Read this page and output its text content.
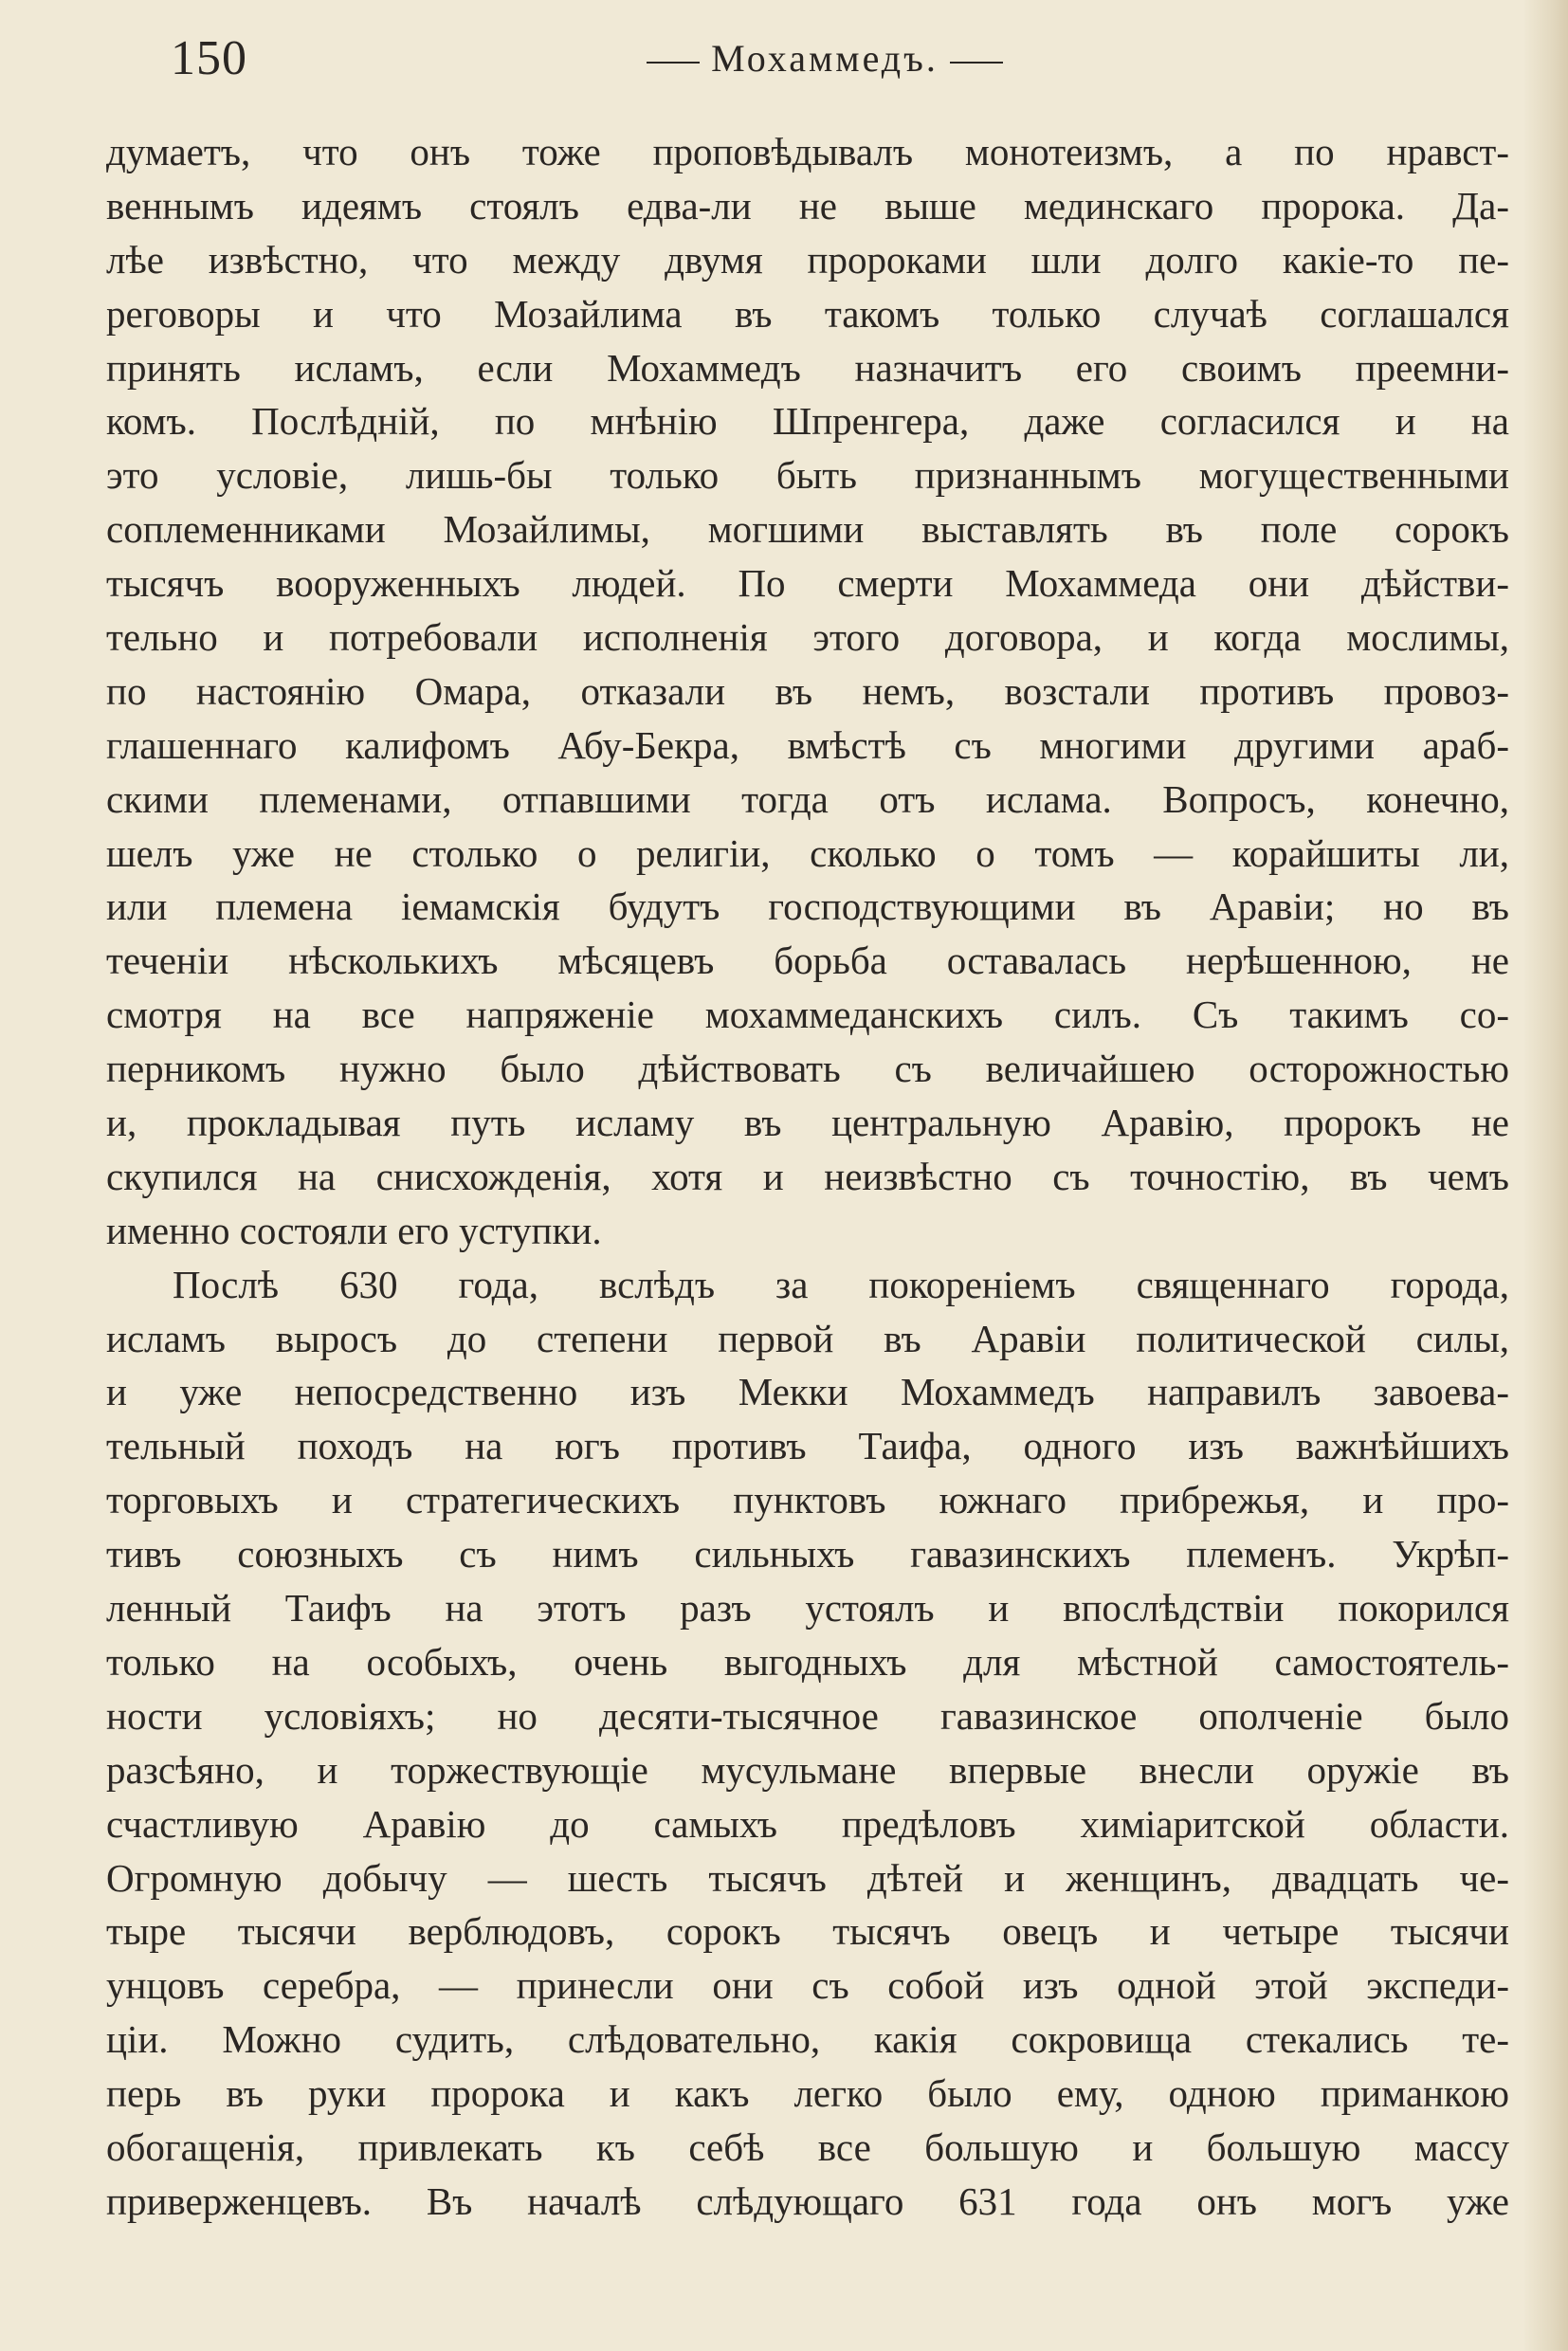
150	Мохаммедъ.
думаетъ, что онъ тоже проповѣдывалъ монотеизмъ, а по нравст-
веннымъ идеямъ стоялъ едва-ли не выше мединскаго пророка. Да-
лѣе извѣстно, что между двумя пророками шли долго какіе-то пе-
реговоры и что Мозайлима въ такомъ только случаѣ соглашался
принять исламъ, если Мохаммедъ назначитъ его своимъ преемни-
комъ. Послѣдній, по мнѣнію Шпренгера, даже согласился и на
это условіе, лишь-бы только быть признаннымъ могущественными
соплеменниками Мозайлимы, могшими выставлять въ поле сорокъ
тысячъ вооруженныхъ людей. По смерти Мохаммеда они дѣйстви-
тельно и потребовали исполненія этого договора, и когда мослимы,
по настоянію Омара, отказали въ немъ, возстали противъ провоз-
глашеннаго калифомъ Абу-Бекра, вмѣстѣ съ многими другими араб-
скими племенами, отпавшими тогда отъ ислама. Вопросъ, конечно,
шелъ уже не столько о религіи, сколько о томъ — корайшиты ли,
или племена іемамскія будутъ господствующими въ Аравіи; но въ
теченіи нѣсколькихъ мѣсяцевъ борьба оставалась нерѣшенною, не
смотря на все напряженіе мохаммеданскихъ силъ. Съ такимъ со-
перникомъ нужно было дѣйствовать съ величайшею осторожностью
и, прокладывая путь исламу въ центральную Аравію, пророкъ не
скупился на снисхожденія, хотя и неизвѣстно съ точностію, въ чемъ
именно состояли его уступки.
Послѣ 630 года, вслѣдъ за покореніемъ священнаго города,
исламъ выросъ до степени первой въ Аравіи политической силы,
и уже непосредственно изъ Мекки Мохаммедъ направилъ завоева-
тельный походъ на югъ противъ Таифа, одного изъ важнѣйшихъ
торговыхъ и стратегическихъ пунктовъ южнаго прибрежья, и про-
тивъ союзныхъ съ нимъ сильныхъ гавазинскихъ племенъ. Укрѣп-
ленный Таифъ на этотъ разъ устоялъ и впослѣдствіи покорился
только на особыхъ, очень выгодныхъ для мѣстной самостоятель-
ности условіяхъ; но десяти-тысячное гавазинское ополченіе было
разсѣяно, и торжествующіе мусульмане впервые внесли оружіе въ
счастливую Аравію до самыхъ предѣловъ химіаритской области.
Огромную добычу — шесть тысячъ дѣтей и женщинъ, двадцать че-
тыре тысячи верблюдовъ, сорокъ тысячъ овецъ и четыре тысячи
унцовъ серебра, — принесли они съ собой изъ одной этой экспеди-
ціи. Можно судить, слѣдовательно, какія сокровища стекались те-
перь въ руки пророка и какъ легко было ему, одною приманкою
обогащенія, привлекать къ себѣ все большую и большую массу
приверженцевъ. Въ началѣ слѣдующаго 631 года онъ могъ уже
